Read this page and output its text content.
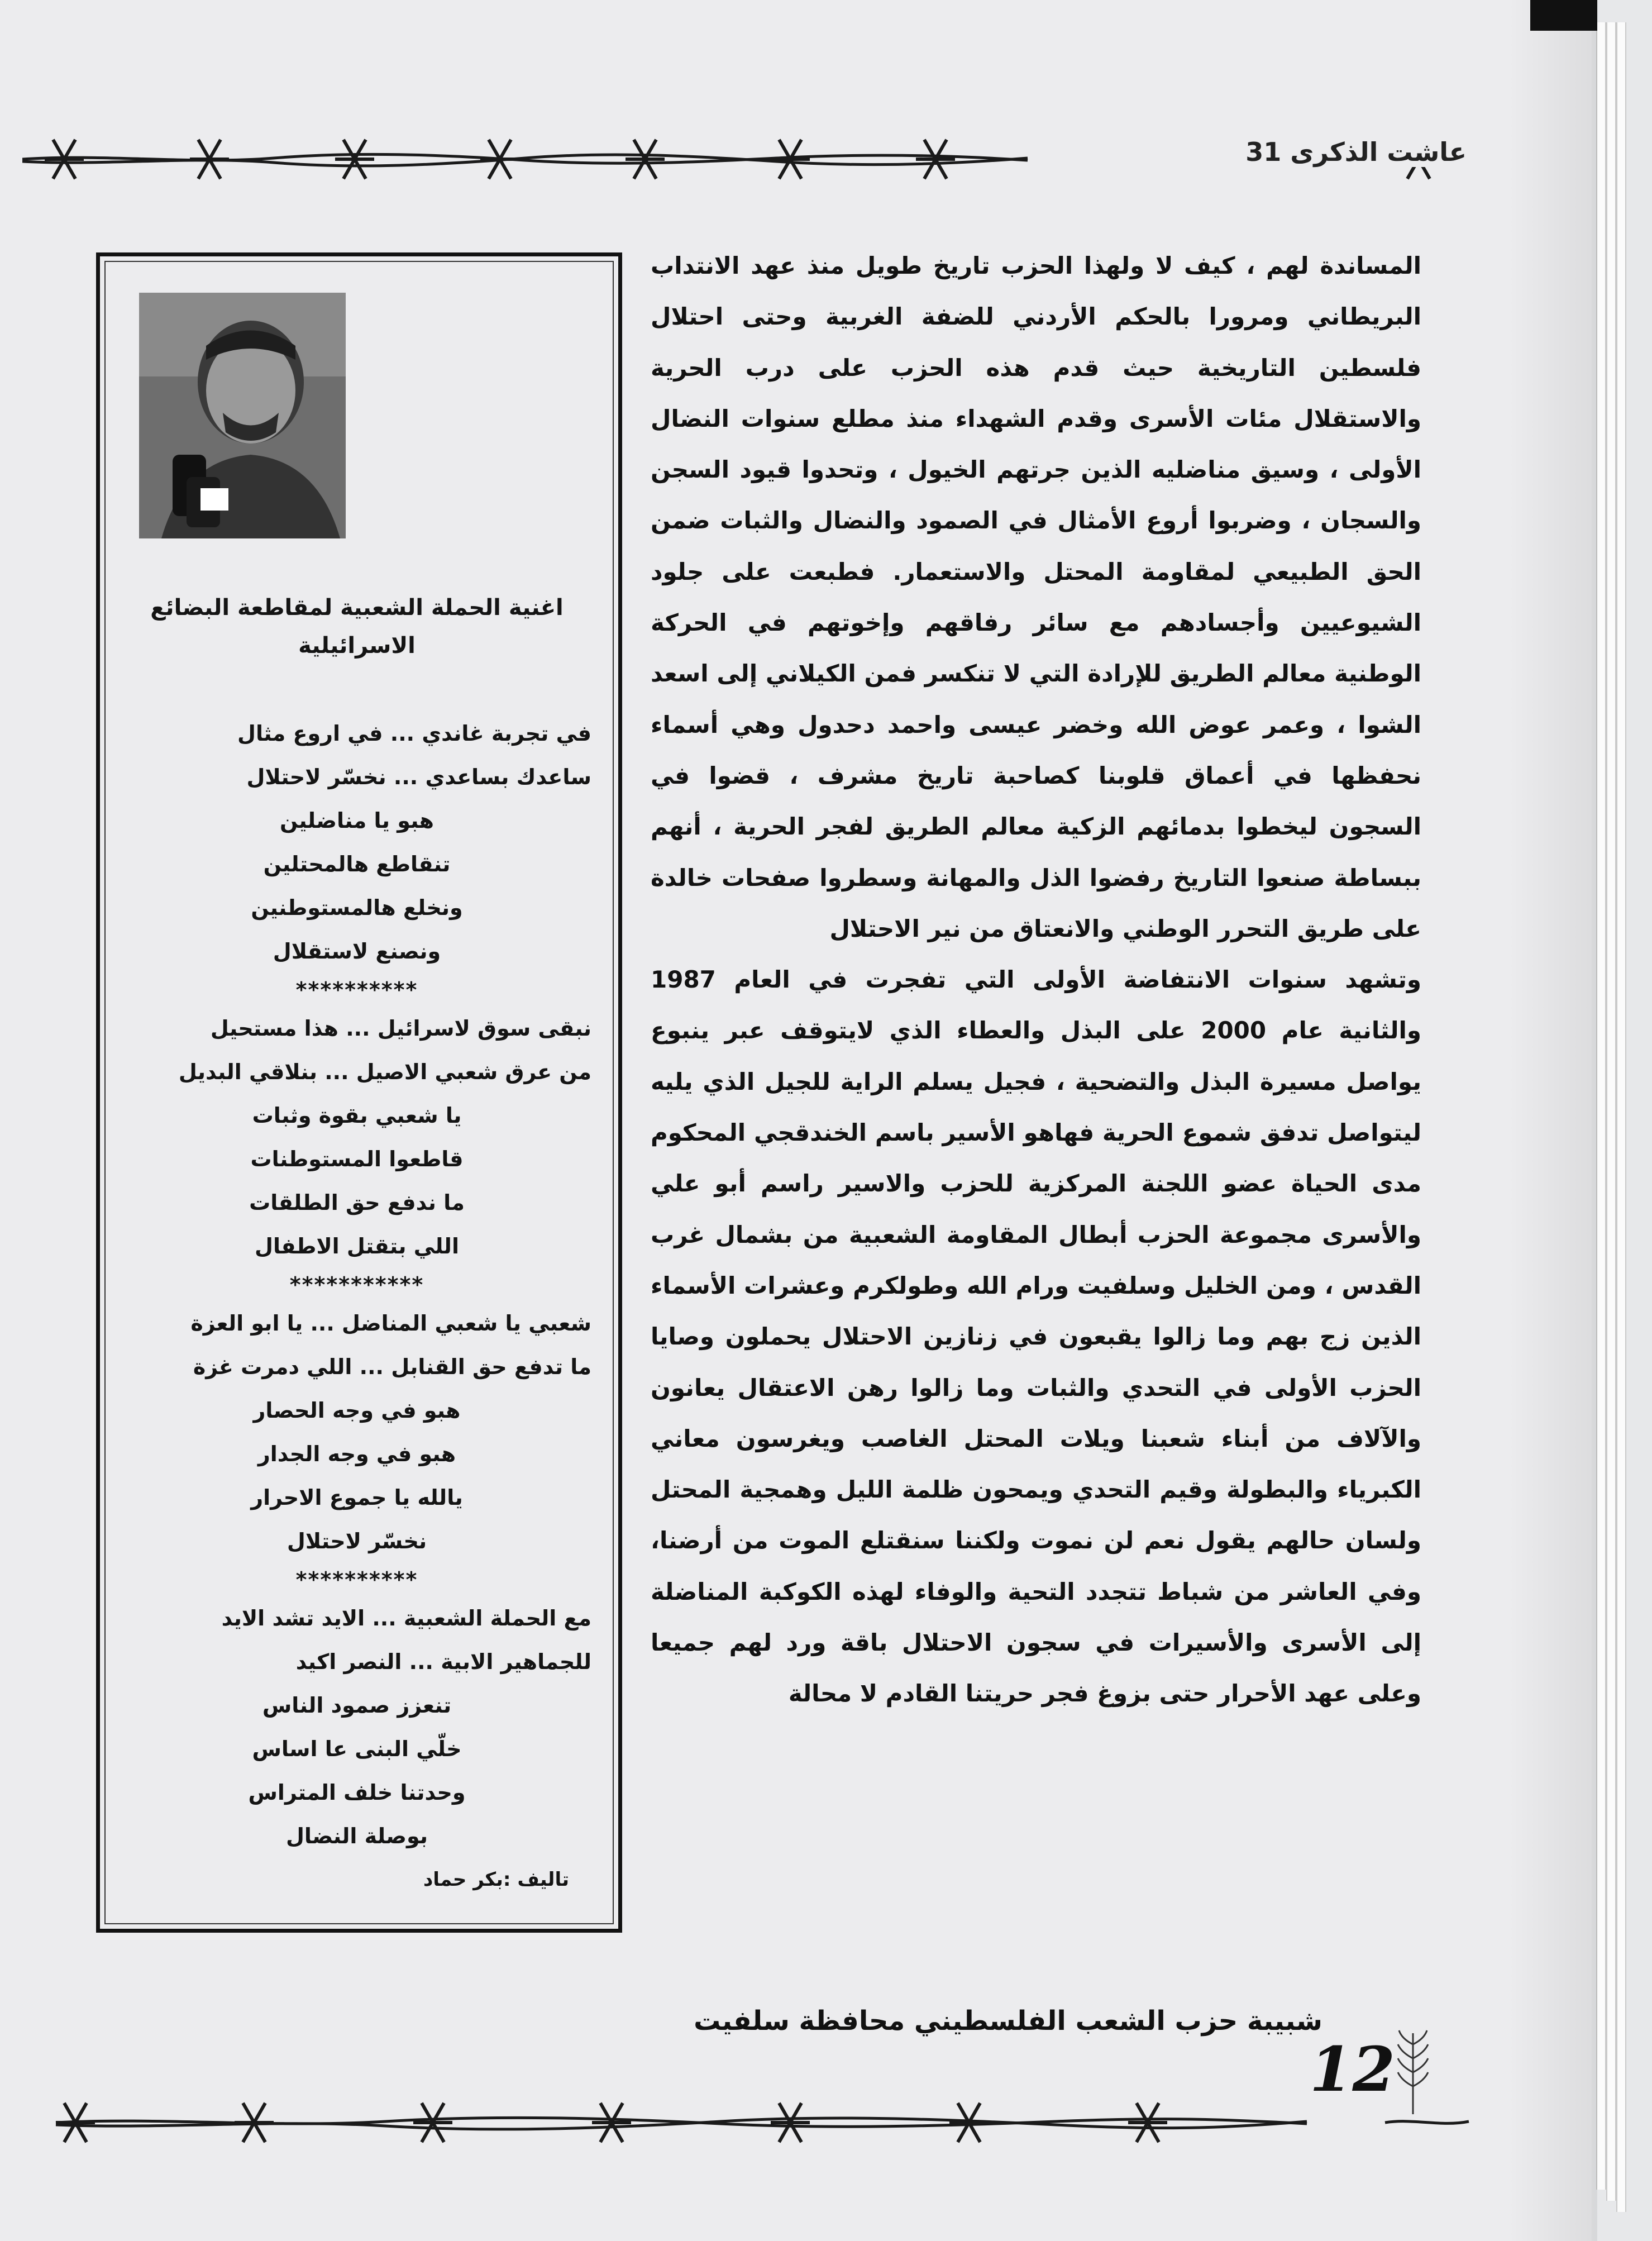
عاشت الذكرى 31

المساندة لهم ، كيف لا ولهذا الحزب تاريخ طويل منذ عهد الانتداب البريطاني ومرورا بالحكم الأردني للضفة الغربية وحتى احتلال فلسطين التاريخية حيث قدم هذه الحزب على درب الحرية والاستقلال مئات الأسرى وقدم الشهداء منذ مطلع سنوات النضال الأولى ، وسيق مناضليه الذين جرتهم الخيول ، وتحدوا قيود السجن والسجان ، وضربوا أروع الأمثال في الصمود والنضال والثبات ضمن الحق الطبيعي لمقاومة المحتل والاستعمار. فطبعت على جلود الشيوعيين وأجسادهم مع سائر رفاقهم وإخوتهم في الحركة الوطنية معالم الطريق للإرادة التي لا تنكسر فمن الكيلاني إلى اسعد الشوا ، وعمر عوض الله وخضر عيسى واحمد دحدول وهي أسماء نحفظها في أعماق قلوبنا كصاحبة تاريخ مشرف ، قضوا في السجون ليخطوا بدمائهم الزكية معالم الطريق لفجر الحرية ، أنهم ببساطة صنعوا التاريخ رفضوا الذل والمهانة وسطروا صفحات خالدة على طريق التحرر الوطني والانعتاق من نير الاحتلال

وتشهد سنوات الانتفاضة الأولى التي تفجرت في العام 1987 والثانية عام 2000 على البذل والعطاء الذي لايتوقف عبر ينبوع يواصل مسيرة البذل والتضحية ، فجيل يسلم الراية للجيل الذي يليه ليتواصل تدفق شموع الحرية فهاهو الأسير باسم الخندقجي المحكوم مدى الحياة عضو اللجنة المركزية للحزب والاسير راسم أبو علي والأسرى مجموعة الحزب أبطال المقاومة الشعبية من بشمال غرب القدس ، ومن الخليل وسلفيت ورام الله وطولكرم وعشرات الأسماء الذين زج بهم وما زالوا يقبعون في زنازين الاحتلال يحملون وصايا الحزب الأولى في التحدي والثبات وما زالوا رهن الاعتقال يعانون والآلاف من أبناء شعبنا ويلات المحتل الغاصب ويغرسون معاني الكبرياء والبطولة وقيم التحدي ويمحون ظلمة الليل وهمجية المحتل ولسان حالهم يقول نعم لن نموت ولكننا سنقتلع الموت من أرضنا، وفي العاشر من شباط تتجدد التحية والوفاء لهذه الكوكبة المناضلة إلى الأسرى والأسيرات في سجون الاحتلال باقة ورد لهم جميعا وعلى عهد الأحرار حتى بزوغ فجر حريتنا القادم لا محالة

شبيبة حزب الشعب الفلسطيني محافظة سلفيت
اغنية الحملة الشعبية لمقاطعة البضائع الاسرائيلية
في تجربة غاندي ... في اروع مثال
ساعدك بساعدي ... نخسّر لاحتلال
هبو يا مناضلين
تنقاطع هالمحتلين
ونخلع هالمستوطنين
ونصنع لاستقلال
**********
نبقى سوق لاسرائيل ... هذا مستحيل
من عرق شعبي الاصيل ... بنلاقي البديل
يا شعبي بقوة وثبات
قاطعوا المستوطنات
ما ندفع حق الطلقات
اللي بتقتل الاطفال
***********
شعبي يا شعبي المناضل ... يا ابو العزة
ما تدفع حق القنابل ... اللي دمرت غزة
هبو في وجه الحصار
هبو في وجه الجدار
يالله يا جموع الاحرار
نخسّر لاحتلال
**********
مع الحملة الشعبية ... الايد تشد الايد
للجماهير الابية ... النصر اكيد
تنعزز صمود الناس
خلّي البنى عا اساس
وحدتنا خلف المتراس
بوصلة النضال
تاليف :بكر حماد
12
